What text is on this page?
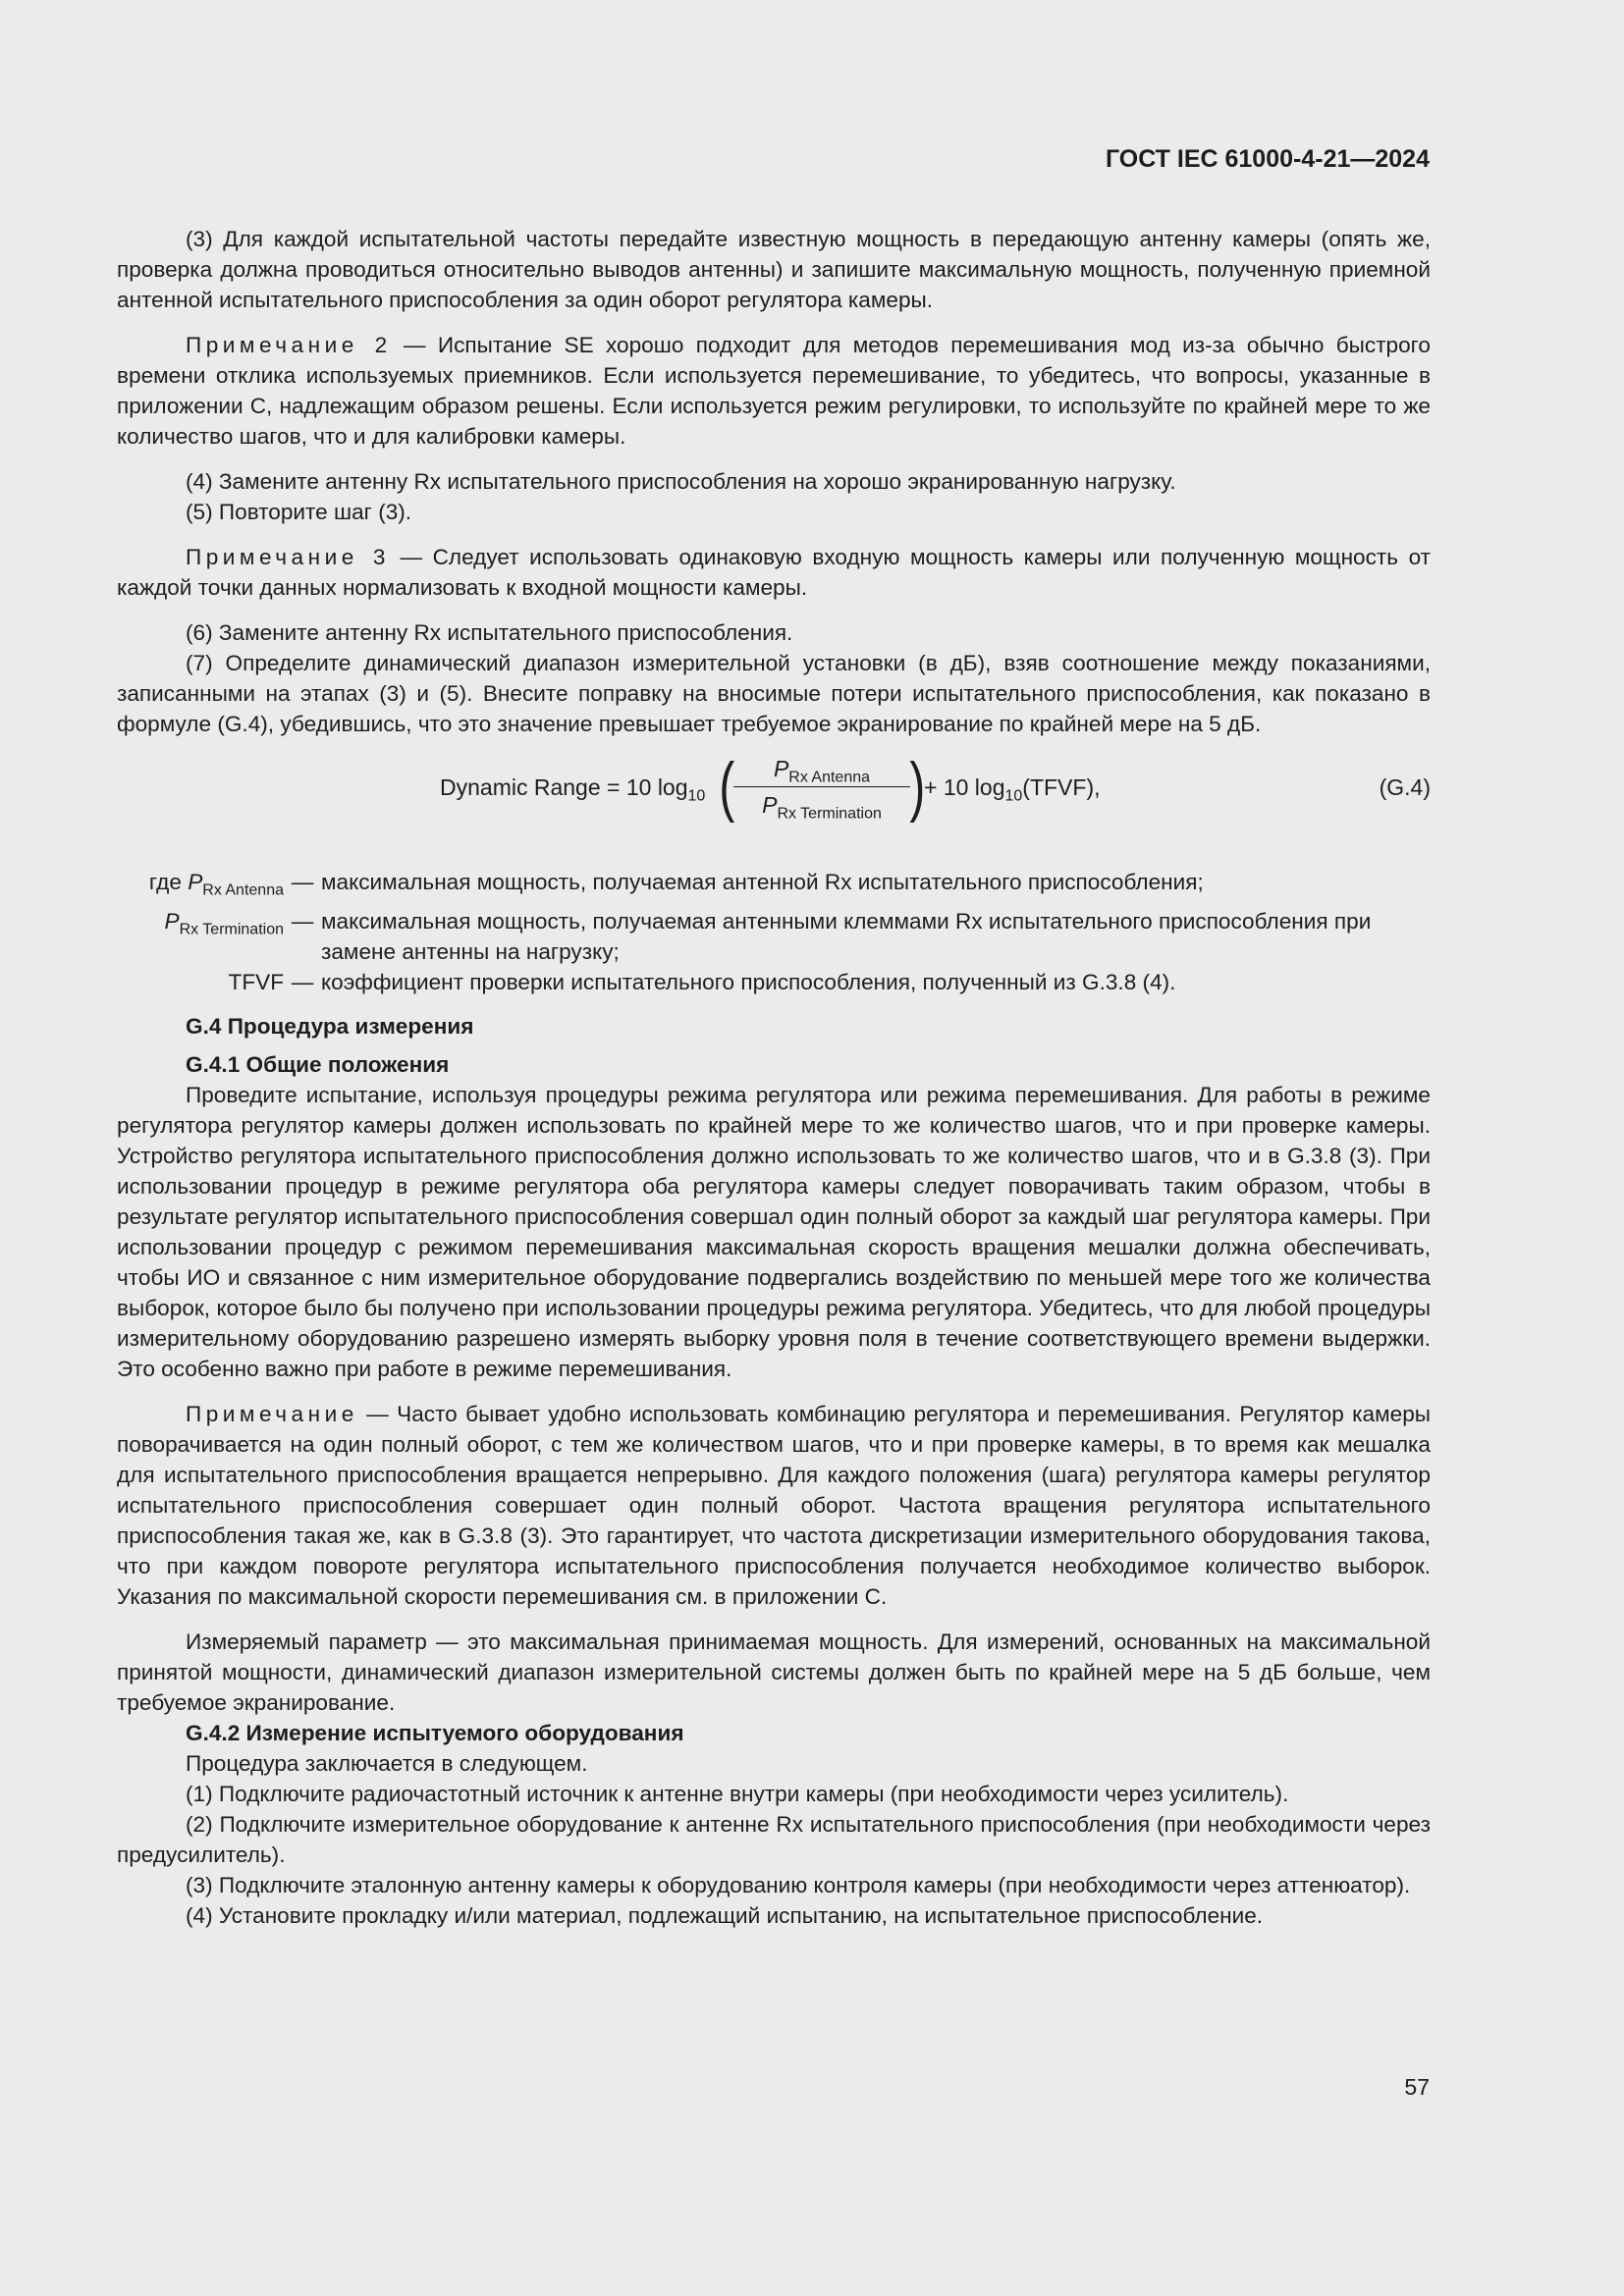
ГОСТ IEC 61000-4-21—2024

(3) Для каждой испытательной частоты передайте известную мощность в передающую антенну камеры (опять же, проверка должна проводиться относительно выводов антенны) и запишите максимальную мощность, полученную приемной антенной испытательного приспособления за один оборот регулятора камеры.

Примечание 2 — Испытание SE хорошо подходит для методов перемешивания мод из-за обычно быстрого времени отклика используемых приемников. Если используется перемешивание, то убедитесь, что вопросы, указанные в приложении С, надлежащим образом решены. Если используется режим регулировки, то используйте по крайней мере то же количество шагов, что и для калибровки камеры.

(4) Замените антенну Rx испытательного приспособления на хорошо экранированную нагрузку.

(5) Повторите шаг (3).

Примечание 3 — Следует использовать одинаковую входную мощность камеры или полученную мощность от каждой точки данных нормализовать к входной мощности камеры.

(6) Замените антенну Rx испытательного приспособления.

(7) Определите динамический диапазон измерительной установки (в дБ), взяв соотношение между показаниями, записанными на этапах (3) и (5). Внесите поправку на вносимые потери испытательного приспособления, как показано в формуле (G.4), убедившись, что это значение превышает требуемое экранирование по крайней мере на 5 дБ.

Dynamic Range = 10 $\log_{10}$ (	$P_{Rx Antenna}$
$P_{Rx Termination}$ )
+ 10 $\log_{10}(TFVF)$,	(G.4)
где $P_{Rx Antenna}$ — максимальная мощность, получаемая антенной Rx испытательного приспособления;
$P_{Rx Termination}$ — максимальная мощность, получаемая антенными клеммами Rx испытательного приспособления при замене антенны на нагрузку;
TFVF — коэффициент проверки испытательного приспособления, полученный из G.3.8 (4).

G.4 Процедура измерения

G.4.1 Общие положения

Проведите испытание, используя процедуры режима регулятора или режима перемешивания. Для работы в режиме регулятора регулятор камеры должен использовать по крайней мере то же количество шагов, что и при проверке камеры. Устройство регулятора испытательного приспособления должно использовать то же количество шагов, что и в G.3.8 (3). При использовании процедур в режиме регулятора оба регулятора камеры следует поворачивать таким образом, чтобы в результате регулятор испытательного приспособления совершал один полный оборот за каждый шаг регулятора камеры. При использовании процедур с режимом перемешивания максимальная скорость вращения мешалки должна обеспечивать, чтобы ИО и связанное с ним измерительное оборудование подвергались воздействию по меньшей мере того же количества выборок, которое было бы получено при использовании процедуры режима регулятора. Убедитесь, что для любой процедуры измерительному оборудованию разрешено измерять выборку уровня поля в течение соответствующего времени выдержки. Это особенно важно при работе в режиме перемешивания.

Примечание — Часто бывает удобно использовать комбинацию регулятора и перемешивания. Регулятор камеры поворачивается на один полный оборот, с тем же количеством шагов, что и при проверке камеры, в то время как мешалка для испытательного приспособления вращается непрерывно. Для каждого положения (шага) регулятора камеры регулятор испытательного приспособления совершает один полный оборот. Частота вращения регулятора испытательного приспособления такая же, как в G.3.8 (3). Это гарантирует, что частота дискретизации измерительного оборудования такова, что при каждом повороте регулятора испытательного приспособления получается необходимое количество выборок. Указания по максимальной скорости перемешивания см. в приложении С.

Измеряемый параметр — это максимальная принимаемая мощность. Для измерений, основанных на максимальной принятой мощности, динамический диапазон измерительной системы должен быть по крайней мере на 5 дБ больше, чем требуемое экранирование.

G.4.2 Измерение испытуемого оборудования

Процедура заключается в следующем.

(1) Подключите радиочастотный источник к антенне внутри камеры (при необходимости через усилитель).

(2) Подключите измерительное оборудование к антенне Rx испытательного приспособления (при необходимости через предусилитель).

(3) Подключите эталонную антенну камеры к оборудованию контроля камеры (при необходимости через аттенюатор).

(4) Установите прокладку и/или материал, подлежащий испытанию, на испытательное приспособление.

57
